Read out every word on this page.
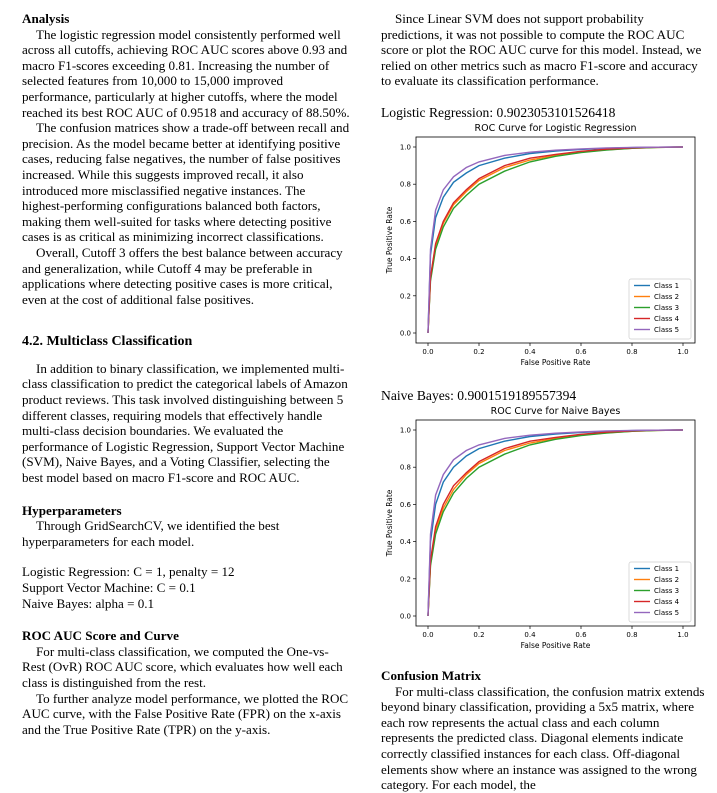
Analysis

The logistic regression model consistently performed well across all cutoffs, achieving ROC AUC scores above 0.93 and macro F1-scores exceeding 0.81. Increasing the number of selected features from 10,000 to 15,000 improved performance, particularly at higher cutoffs, where the model reached its best ROC AUC of 0.9518 and accuracy of 88.50%.

The confusion matrices show a trade-off between recall and precision. As the model became better at identifying positive cases, reducing false negatives, the number of false positives increased. While this suggests improved recall, it also introduced more misclassified negative instances. The highest-performing configurations balanced both factors, making them well-suited for tasks where detecting positive cases is as critical as minimizing incorrect classifications.

Overall, Cutoff 3 offers the best balance between accuracy and generalization, while Cutoff 4 may be preferable in applications where detecting positive cases is more critical, even at the cost of additional false positives.

4.2. Multiclass Classification

In addition to binary classification, we implemented multi-class classification to predict the categorical labels of Amazon product reviews. This task involved distinguishing between 5 different classes, requiring models that effectively handle multi-class decision boundaries. We evaluated the performance of Logistic Regression, Support Vector Machine (SVM), Naive Bayes, and a Voting Classifier, selecting the best model based on macro F1-score and ROC AUC.

Hyperparameters

Through GridSearchCV, we identified the best hyperparameters for each model.

Logistic Regression: C = 1, penalty = 12

Support Vector Machine: C = 0.1

Naive Bayes: alpha = 0.1

ROC AUC Score and Curve

For multi-class classification, we computed the One-vs-Rest (OvR) ROC AUC score, which evaluates how well each class is distinguished from the rest.

To further analyze model performance, we plotted the ROC AUC curve, with the False Positive Rate (FPR) on the x-axis and the True Positive Rate (TPR) on the y-axis.

Since Linear SVM does not support probability predictions, it was not possible to compute the ROC AUC score or plot the ROC AUC curve for this model. Instead, we relied on other metrics such as macro F1-score and accuracy to evaluate its classification performance.

Logistic Regression: 0.9023053101526418

ROC Curve for Logistic Regression
0.0	0.2	0.4	0.6	0.8	1.0
0.0
0.2
0.4
0.6
0.8
1.0
False Positive Rate
True Positive Rate
Class 1
Class 2
Class 3
Class 4
Class 5

Naive Bayes: 0.9001519189557394

ROC Curve for Naive Bayes
0.0	0.2	0.4	0.6	0.8	1.0
0.0
0.2
0.4
0.6
0.8
1.0
False Positive Rate
True Positive Rate
Class 1
Class 2
Class 3
Class 4
Class 5

Confusion Matrix

For multi-class classification, the confusion matrix extends beyond binary classification, providing a 5x5 matrix, where each row represents the actual class and each column represents the predicted class. Diagonal elements indicate correctly classified instances for each class. Off-diagonal elements show where an instance was assigned to the wrong category. For each model, the
